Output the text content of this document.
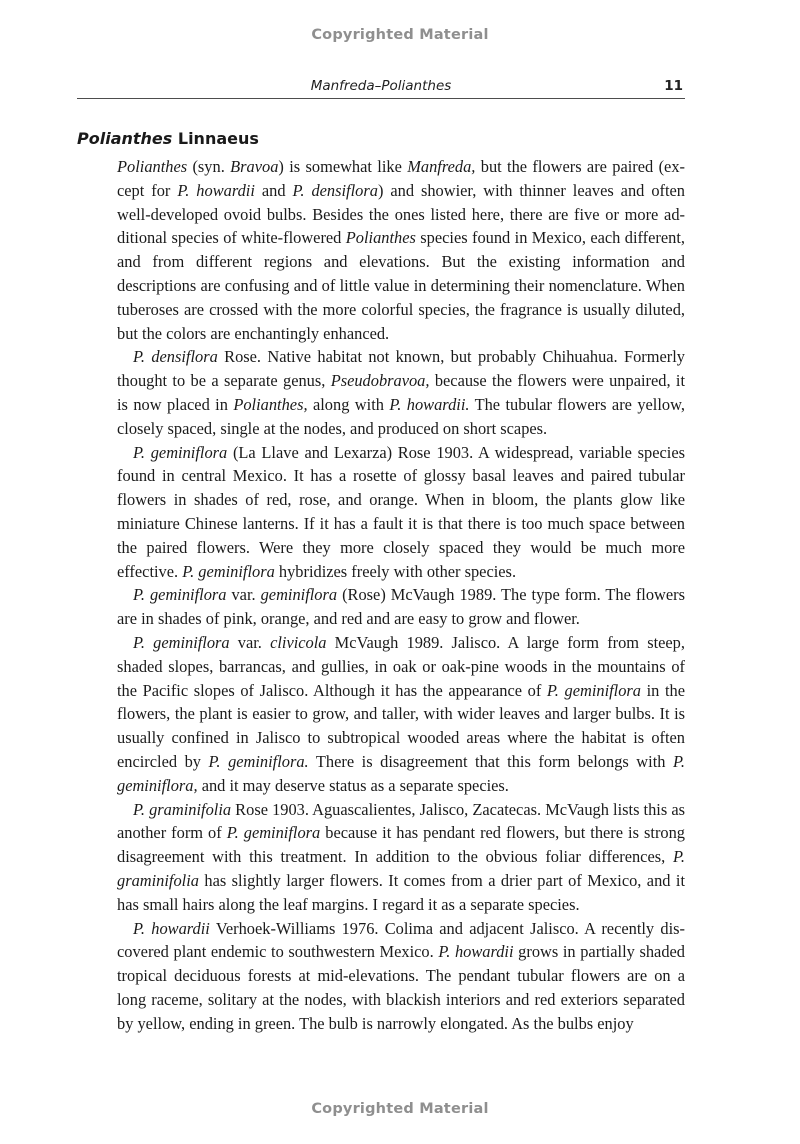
Copyrighted Material
Manfreda–Polianthes	11
Polianthes Linnaeus

Polianthes (syn. Bravoa) is somewhat like Manfreda, but the flowers are paired (except for P. howardii and P. densiflora) and showier, with thinner leaves and often well-developed ovoid bulbs. Besides the ones listed here, there are five or more additional species of white-flowered Polianthes species found in Mexico, each different, and from different regions and elevations. But the existing information and descriptions are confusing and of little value in determining their nomenclature. When tuberoses are crossed with the more colorful species, the fragrance is usually diluted, but the colors are enchantingly enhanced.

P. densiflora Rose. Native habitat not known, but probably Chihuahua. Formerly thought to be a separate genus, Pseudobravoa, because the flowers were unpaired, it is now placed in Polianthes, along with P. howardii. The tubular flowers are yellow, closely spaced, single at the nodes, and produced on short scapes.

P. geminiflora (La Llave and Lexarza) Rose 1903. A widespread, variable species found in central Mexico. It has a rosette of glossy basal leaves and paired tubular flowers in shades of red, rose, and orange. When in bloom, the plants glow like miniature Chinese lanterns. If it has a fault it is that there is too much space between the paired flowers. Were they more closely spaced they would be much more effective. P. geminiflora hybridizes freely with other species.

P. geminiflora var. geminiflora (Rose) McVaugh 1989. The type form. The flowers are in shades of pink, orange, and red and are easy to grow and flower.

P. geminiflora var. clivicola McVaugh 1989. Jalisco. A large form from steep, shaded slopes, barrancas, and gullies, in oak or oak-pine woods in the mountains of the Pacific slopes of Jalisco. Although it has the appearance of P. geminiflora in the flowers, the plant is easier to grow, and taller, with wider leaves and larger bulbs. It is usually confined in Jalisco to subtropical wooded areas where the habitat is often encircled by P. geminiflora. There is disagreement that this form belongs with P. geminiflora, and it may deserve status as a separate species.

P. graminifolia Rose 1903. Aguascalientes, Jalisco, Zacatecas. McVaugh lists this as another form of P. geminiflora because it has pendant red flowers, but there is strong disagreement with this treatment. In addition to the obvious foliar differences, P. graminifolia has slightly larger flowers. It comes from a drier part of Mexico, and it has small hairs along the leaf margins. I regard it as a separate species.

P. howardii Verhoek-Williams 1976. Colima and adjacent Jalisco. A recently discovered plant endemic to southwestern Mexico. P. howardii grows in partially shaded tropical deciduous forests at mid-elevations. The pendant tubular flowers are on a long raceme, solitary at the nodes, with blackish interiors and red exteriors separated by yellow, ending in green. The bulb is narrowly elongated. As the bulbs enjoy

Copyrighted Material
